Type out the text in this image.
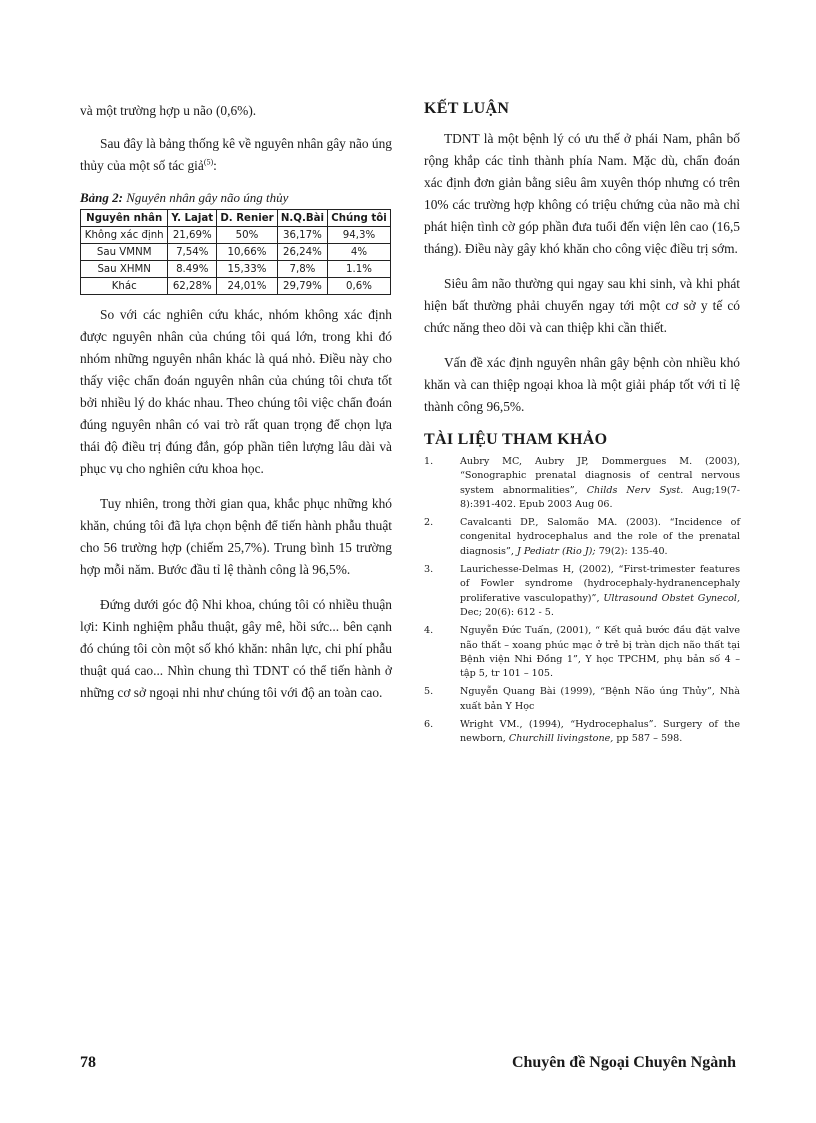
và một trường hợp u não (0,6%).

Sau đây là bảng thống kê về nguyên nhân gây não úng thủy của một số tác giả$^{(5)}$:

Bảng 2: Nguyên nhân gây não úng thủy
Nguyên nhân	Y. Lajat	D. Renier	N.Q.Bài	Chúng tôi
Không xác định	21,69%	50%	36,17%	94,3%
Sau VMNM	7,54%	10,66%	26,24%	4%
Sau XHMN	8.49%	15,33%	7,8%	1.1%
Khác	62,28%	24,01%	29,79%	0,6%

So với các nghiên cứu khác, nhóm không xác định được nguyên nhân của chúng tôi quá lớn, trong khi đó nhóm những nguyên nhân khác là quá nhỏ. Điều này cho thấy việc chẩn đoán nguyên nhân của chúng tôi chưa tốt bởi nhiều lý do khác nhau. Theo chúng tôi việc chẩn đoán đúng nguyên nhân có vai trò rất quan trọng để chọn lựa thái độ điều trị đúng đắn, góp phần tiên lượng lâu dài và phục vụ cho nghiên cứu khoa học.

Tuy nhiên, trong thời gian qua, khắc phục những khó khăn, chúng tôi đã lựa chọn bệnh để tiến hành phẫu thuật cho 56 trường hợp (chiếm 25,7%). Trung bình 15 trường hợp mỗi năm. Bước đầu tỉ lệ thành công là 96,5%.

Đứng dưới góc độ Nhi khoa, chúng tôi có nhiều thuận lợi: Kinh nghiệm phẫu thuật, gây mê, hồi sức... bên cạnh đó chúng tôi còn một số khó khăn: nhân lực, chi phí phẫu thuật quá cao... Nhìn chung thì TDNT có thể tiến hành ở những cơ sở ngoại nhi như chúng tôi với độ an toàn cao.

KẾT LUẬN

TDNT là một bệnh lý có ưu thế ở phái Nam, phân bố rộng khắp các tỉnh thành phía Nam. Mặc dù, chẩn đoán xác định đơn giản bằng siêu âm xuyên thóp nhưng có trên 10% các trường hợp không có triệu chứng của não mà chỉ phát hiện tình cờ góp phần đưa tuổi đến viện lên cao (16,5 tháng). Điều này gây khó khăn cho công việc điều trị sớm.

Siêu âm não thường qui ngay sau khi sinh, và khi phát hiện bất thường phải chuyển ngay tới một cơ sở y tế có chức năng theo dõi và can thiệp khi cần thiết.

Vấn đề xác định nguyên nhân gây bệnh còn nhiều khó khăn và can thiệp ngoại khoa là một giải pháp tốt với tỉ lệ thành công 96,5%.

TÀI LIỆU THAM KHẢO
1.	Aubry MC, Aubry JP, Dommergues M. (2003), “Sonographic prenatal diagnosis of central nervous system abnormalities”, Childs Nerv Syst. Aug;19(7-8):391-402. Epub 2003 Aug 06.
2.	Cavalcanti DP., Salomão MA. (2003). “Incidence of congenital hydrocephalus and the role of the prenatal diagnosis”, J Pediatr (Rio J); 79(2): 135-40.
3.	Laurichesse-Delmas H, (2002), “First-trimester features of Fowler syndrome (hydrocephaly-hydranencephaly proliferative vasculopathy)”, Ultrasound Obstet Gynecol, Dec; 20(6): 612 - 5.
4.	Nguyễn Đức Tuấn, (2001), “ Kết quả bước đầu đặt valve não thất – xoang phúc mạc ở trẻ bị tràn dịch não thất tại Bệnh viện Nhi Đồng 1”, Y học TPCHM, phụ bản số 4 – tập 5, tr 101 – 105.
5.	Nguyễn Quang Bài (1999), “Bệnh Não úng Thủy”, Nhà xuất bản Y Học
6.	Wright VM., (1994), “Hydrocephalus”. Surgery of the newborn, Churchill livingstone, pp 587 – 598.
78	Chuyên đề Ngoại Chuyên Ngành
